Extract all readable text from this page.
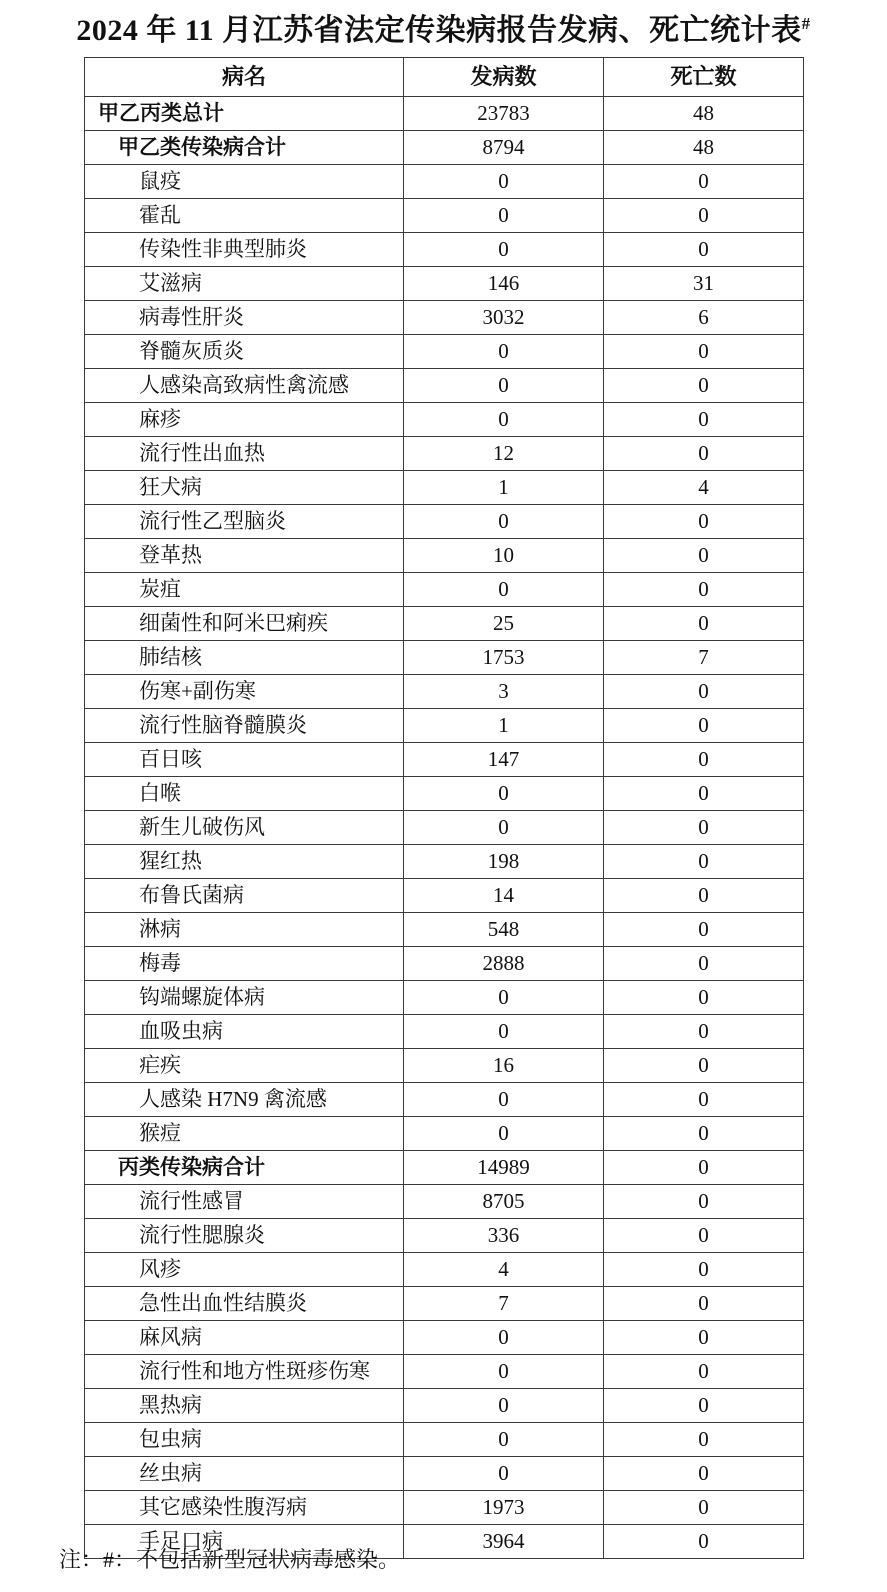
2024 年 11 月江苏省法定传染病报告发病、死亡统计表#
病名	发病数	死亡数
甲乙丙类总计	23783	48
甲乙类传染病合计	8794	48
鼠疫	0	0
霍乱	0	0
传染性非典型肺炎	0	0
艾滋病	146	31
病毒性肝炎	3032	6
脊髓灰质炎	0	0
人感染高致病性禽流感	0	0
麻疹	0	0
流行性出血热	12	0
狂犬病	1	4
流行性乙型脑炎	0	0
登革热	10	0
炭疽	0	0
细菌性和阿米巴痢疾	25	0
肺结核	1753	7
伤寒+副伤寒	3	0
流行性脑脊髓膜炎	1	0
百日咳	147	0
白喉	0	0
新生儿破伤风	0	0
猩红热	198	0
布鲁氏菌病	14	0
淋病	548	0
梅毒	2888	0
钩端螺旋体病	0	0
血吸虫病	0	0
疟疾	16	0
人感染 H7N9 禽流感	0	0
猴痘	0	0
丙类传染病合计	14989	0
流行性感冒	8705	0
流行性腮腺炎	336	0
风疹	4	0
急性出血性结膜炎	7	0
麻风病	0	0
流行性和地方性斑疹伤寒	0	0
黑热病	0	0
包虫病	0	0
丝虫病	0	0
其它感染性腹泻病	1973	0
手足口病	3964	0
注：#：不包括新型冠状病毒感染。
